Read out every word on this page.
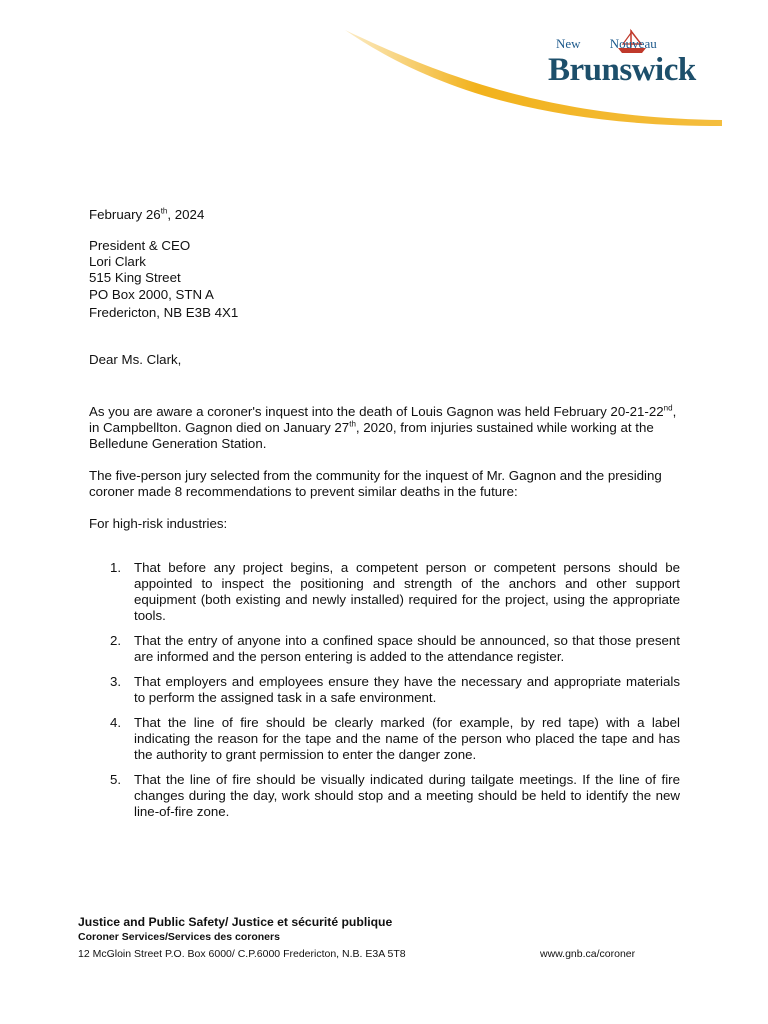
New Nouveau
Brunswick
February 26th, 2024
President & CEO
Lori Clark
515 King Street
PO Box 2000, STN A
Fredericton, NB E3B 4X1
Dear Ms. Clark,
As you are aware a coroner's inquest into the death of Louis Gagnon was held February 20-21-22nd, in Campbellton. Gagnon died on January 27th, 2020, from injuries sustained while working at the Belledune Generation Station.
The five-person jury selected from the community for the inquest of Mr. Gagnon and the presiding coroner made 8 recommendations to prevent similar deaths in the future:
For high-risk industries:
1. That before any project begins, a competent person or competent persons should be appointed to inspect the positioning and strength of the anchors and other support equipment (both existing and newly installed) required for the project, using the appropriate tools.
2. That the entry of anyone into a confined space should be announced, so that those present are informed and the person entering is added to the attendance register.
3. That employers and employees ensure they have the necessary and appropriate materials to perform the assigned task in a safe environment.
4. That the line of fire should be clearly marked (for example, by red tape) with a label indicating the reason for the tape and the name of the person who placed the tape and has the authority to grant permission to enter the danger zone.
5. That the line of fire should be visually indicated during tailgate meetings. If the line of fire changes during the day, work should stop and a meeting should be held to identify the new line-of-fire zone.
Justice and Public Safety/ Justice et sécurité publique
Coroner Services/Services des coroners
12 McGloin Street P.O. Box 6000/ C.P.6000 Fredericton, N.B. E3A 5T8	www.gnb.ca/coroner
